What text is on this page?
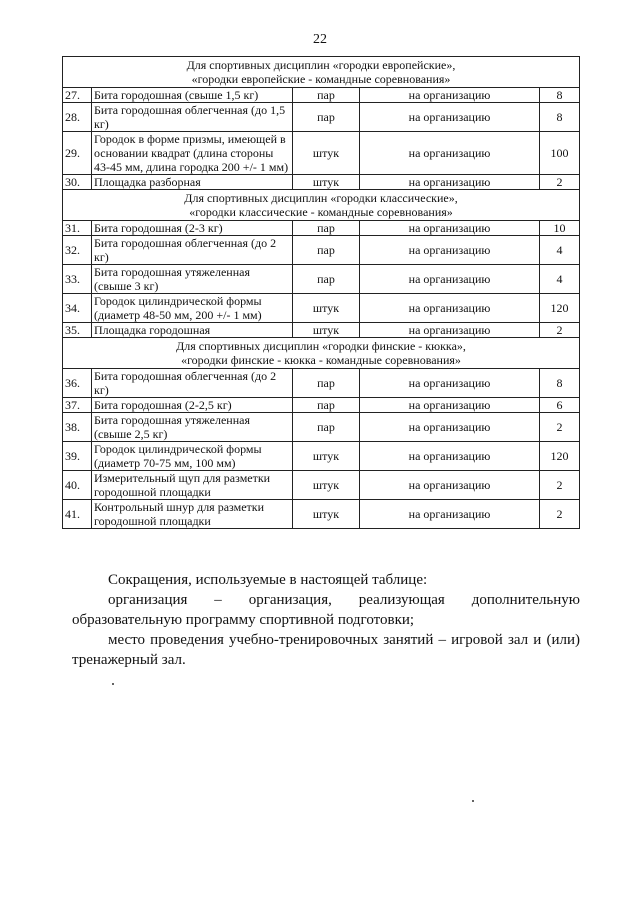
22
Для спортивных дисциплин «городки европейские»,
«городки европейские - командные соревнования»				

27.	Бита городошная (свыше 1,5 кг)	пар	на организацию	8
28.	Бита городошная облегченная (до 1,5 кг)	пар	на организацию	8
29.	Городок в форме призмы, имеющей в основании квадрат (длина стороны 43-45 мм, длина городка 200 +/- 1 мм)	штук	на организацию	100
30.	Площадка разборная	штук	на организацию	2

Для спортивных дисциплин «городки классические»,
«городки классические - командные соревнования»				

31.	Бита городошная (2-3 кг)	пар	на организацию	10
32.	Бита городошная облегченная (до 2 кг)	пар	на организацию	4
33.	Бита городошная утяжеленная (свыше 3 кг)	пар	на организацию	4
34.	Городок цилиндрической формы (диаметр 48-50 мм, 200 +/- 1 мм)	штук	на организацию	120
35.	Площадка городошная	штук	на организацию	2

Для спортивных дисциплин «городки финские - кюкка»,
«городки финские - кюкка - командные соревнования»				

36.	Бита городошная облегченная (до 2 кг)	пар	на организацию	8
37.	Бита городошная (2-2,5 кг)	пар	на организацию	6
38.	Бита городошная утяжеленная (свыше 2,5 кг)	пар	на организацию	2
39.	Городок цилиндрической формы (диаметр 70-75 мм, 100 мм)	штук	на организацию	120
40.	Измерительный щуп для разметки городошной площадки	штук	на организацию	2
41.	Контрольный шнур для разметки городошной площадки	штук	на организацию	2

Сокращения, используемые в настоящей таблице:

организация – организация, реализующая дополнительную образовательную программу спортивной подготовки;

место проведения учебно-тренировочных занятий – игровой зал и (или) тренажерный зал.
